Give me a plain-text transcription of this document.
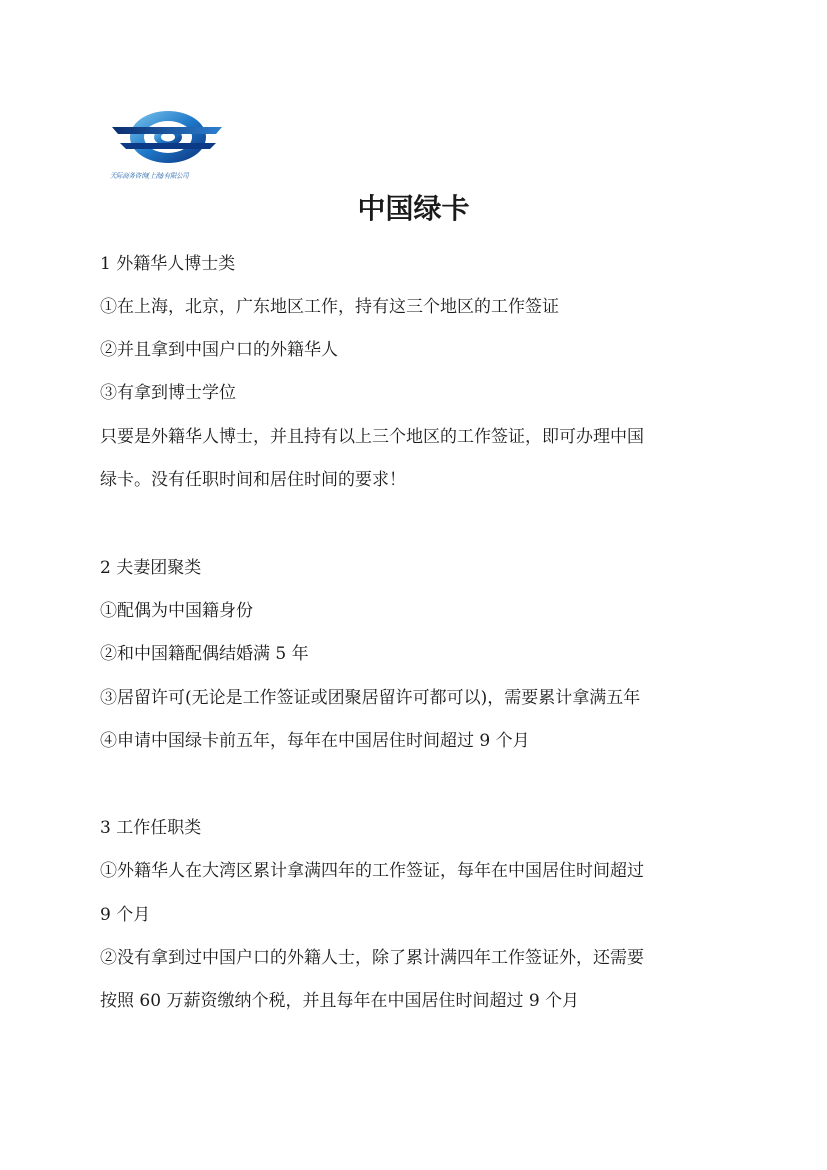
天际商务咨询(上海)有限公司
中国绿卡

1 外籍华人博士类

①在上海，北京，广东地区工作，持有这三个地区的工作签证

②并且拿到中国户口的外籍华人

③有拿到博士学位

只要是外籍华人博士，并且持有以上三个地区的工作签证，即可办理中国

绿卡。没有任职时间和居住时间的要求！

2 夫妻团聚类

①配偶为中国籍身份

②和中国籍配偶结婚满 5 年

③居留许可(无论是工作签证或团聚居留许可都可以)，需要累计拿满五年

④申请中国绿卡前五年，每年在中国居住时间超过 9 个月

3 工作任职类

①外籍华人在大湾区累计拿满四年的工作签证，每年在中国居住时间超过

9 个月

②没有拿到过中国户口的外籍人士，除了累计满四年工作签证外，还需要

按照 60 万薪资缴纳个税，并且每年在中国居住时间超过 9 个月
